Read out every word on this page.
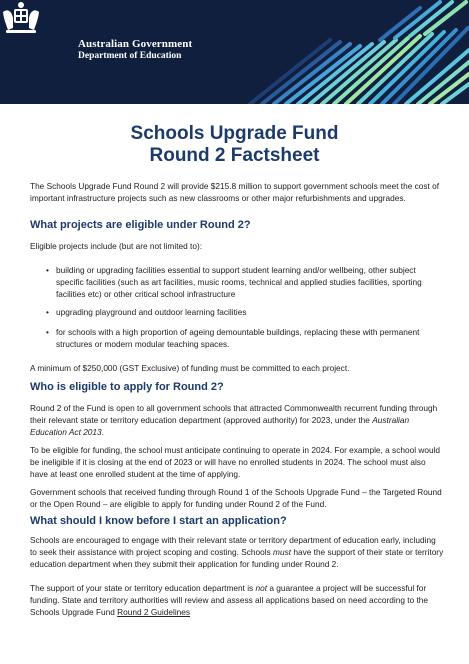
Australian Government
Department of Education
Schools Upgrade Fund
Round 2 Factsheet
The Schools Upgrade Fund Round 2 will provide $215.8 million to support government schools meet the cost of important infrastructure projects such as new classrooms or other major refurbishments and upgrades.
What projects are eligible under Round 2?
Eligible projects include (but are not limited to):
• building or upgrading facilities essential to support student learning and/or wellbeing, other subject specific facilities (such as art facilities, music rooms, technical and applied studies facilities, sporting facilities etc) or other critical school infrastructure
• upgrading playground and outdoor learning facilities
• for schools with a high proportion of ageing demountable buildings, replacing these with permanent structures or modern modular teaching spaces.
A minimum of $250,000 (GST Exclusive) of funding must be committed to each project.
Who is eligible to apply for Round 2?
Round 2 of the Fund is open to all government schools that attracted Commonwealth recurrent funding through their relevant state or territory education department (approved authority) for 2023, under the Australian Education Act 2013.
To be eligible for funding, the school must anticipate continuing to operate in 2024. For example, a school would be ineligible if it is closing at the end of 2023 or will have no enrolled students in 2024. The school must also have at least one enrolled student at the time of applying.
Government schools that received funding through Round 1 of the Schools Upgrade Fund – the Targeted Round or the Open Round – are eligible to apply for funding under Round 2 of the Fund.
What should I know before I start an application?
Schools are encouraged to engage with their relevant state or territory department of education early, including to seek their assistance with project scoping and costing. Schools must have the support of their state or territory education department when they submit their application for funding under Round 2.
The support of your state or territory education department is not a guarantee a project will be successful for funding. State and territory authorities will review and assess all applications based on need according to the Schools Upgrade Fund Round 2 Guidelines
